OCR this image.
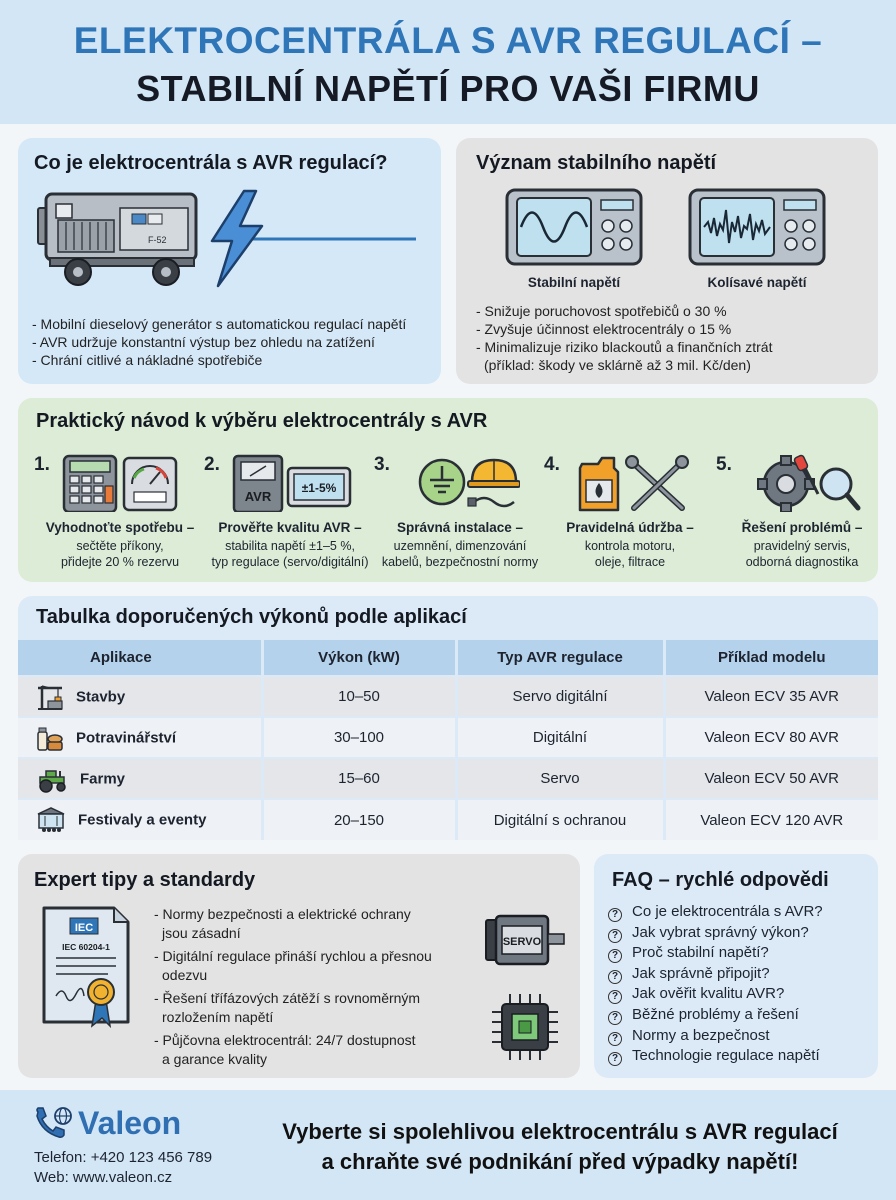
ELEKTROCENTRÁLA S AVR REGULACÍ –
STABILNÍ NAPĚTÍ PRO VAŠI FIRMU
Co je elektrocentrála s AVR regulací?
F-52
- Mobilní dieselový generátor s automatickou regulací napětí
- AVR udržuje konstantní výstup bez ohledu na zatížení
- Chrání citlivé a nákladné spotřebiče
Význam stabilního napětí
Stabilní napětí	Kolísavé napětí
- Snižuje poruchovost spotřebičů o 30 %
- Zvyšuje účinnost elektrocentrály o 15 %
- Minimalizuje riziko blackoutů a finančních ztrát
(příklad: škody ve sklárně až 3 mil. Kč/den)
Praktický návod k výběru elektrocentrály s AVR
1.
Vyhodnoťte spotřebu –
sečtěte příkony,
přidejte 20 % rezervu
2.
AVR
±1-5%
Prověřte kvalitu AVR –
stabilita napětí ±1–5 %,
typ regulace (servo/digitální)
3.
Správná instalace –
uzemnění, dimenzování
kabelů, bezpečnostní normy
4.
Pravidelná údržba –
kontrola motoru,
oleje, filtrace
5.
Řešení problémů –
pravidelný servis,
odborná diagnostika
Tabulka doporučených výkonů podle aplikací
Aplikace	Výkon (kW)	Typ AVR regulace	Příklad modelu
Stavby	10–50	Servo digitální	Valeon ECV 35 AVR
Potravinářství	30–100	Digitální	Valeon ECV 80 AVR
Farmy	15–60	Servo	Valeon ECV 50 AVR
Festivaly a eventy	20–150	Digitální s ochranou	Valeon ECV 120 AVR
Expert tipy a standardy
IEC
IEC 60204-1
- Normy bezpečnosti a elektrické ochrany
jsou zásadní
- Digitální regulace přináší rychlou a přesnou
odezvu
- Řešení třífázových zátěží s rovnoměrným
rozložením napětí
- Půjčovna elektrocentrál: 24/7 dostupnost
a garance kvality
SERVO
FAQ – rychlé odpovědi
? Co je elektrocentrála s AVR?
? Jak vybrat správný výkon?
? Proč stabilní napětí?
? Jak správně připojit?
? Jak ověřit kvalitu AVR?
? Běžné problémy a řešení
? Normy a bezpečnost
? Technologie regulace napětí
Valeon
Telefon: +420 123 456 789
Web: www.valeon.cz
Vyberte si spolehlivou elektrocentrálu s AVR regulací
a chraňte své podnikání před výpadky napětí!
